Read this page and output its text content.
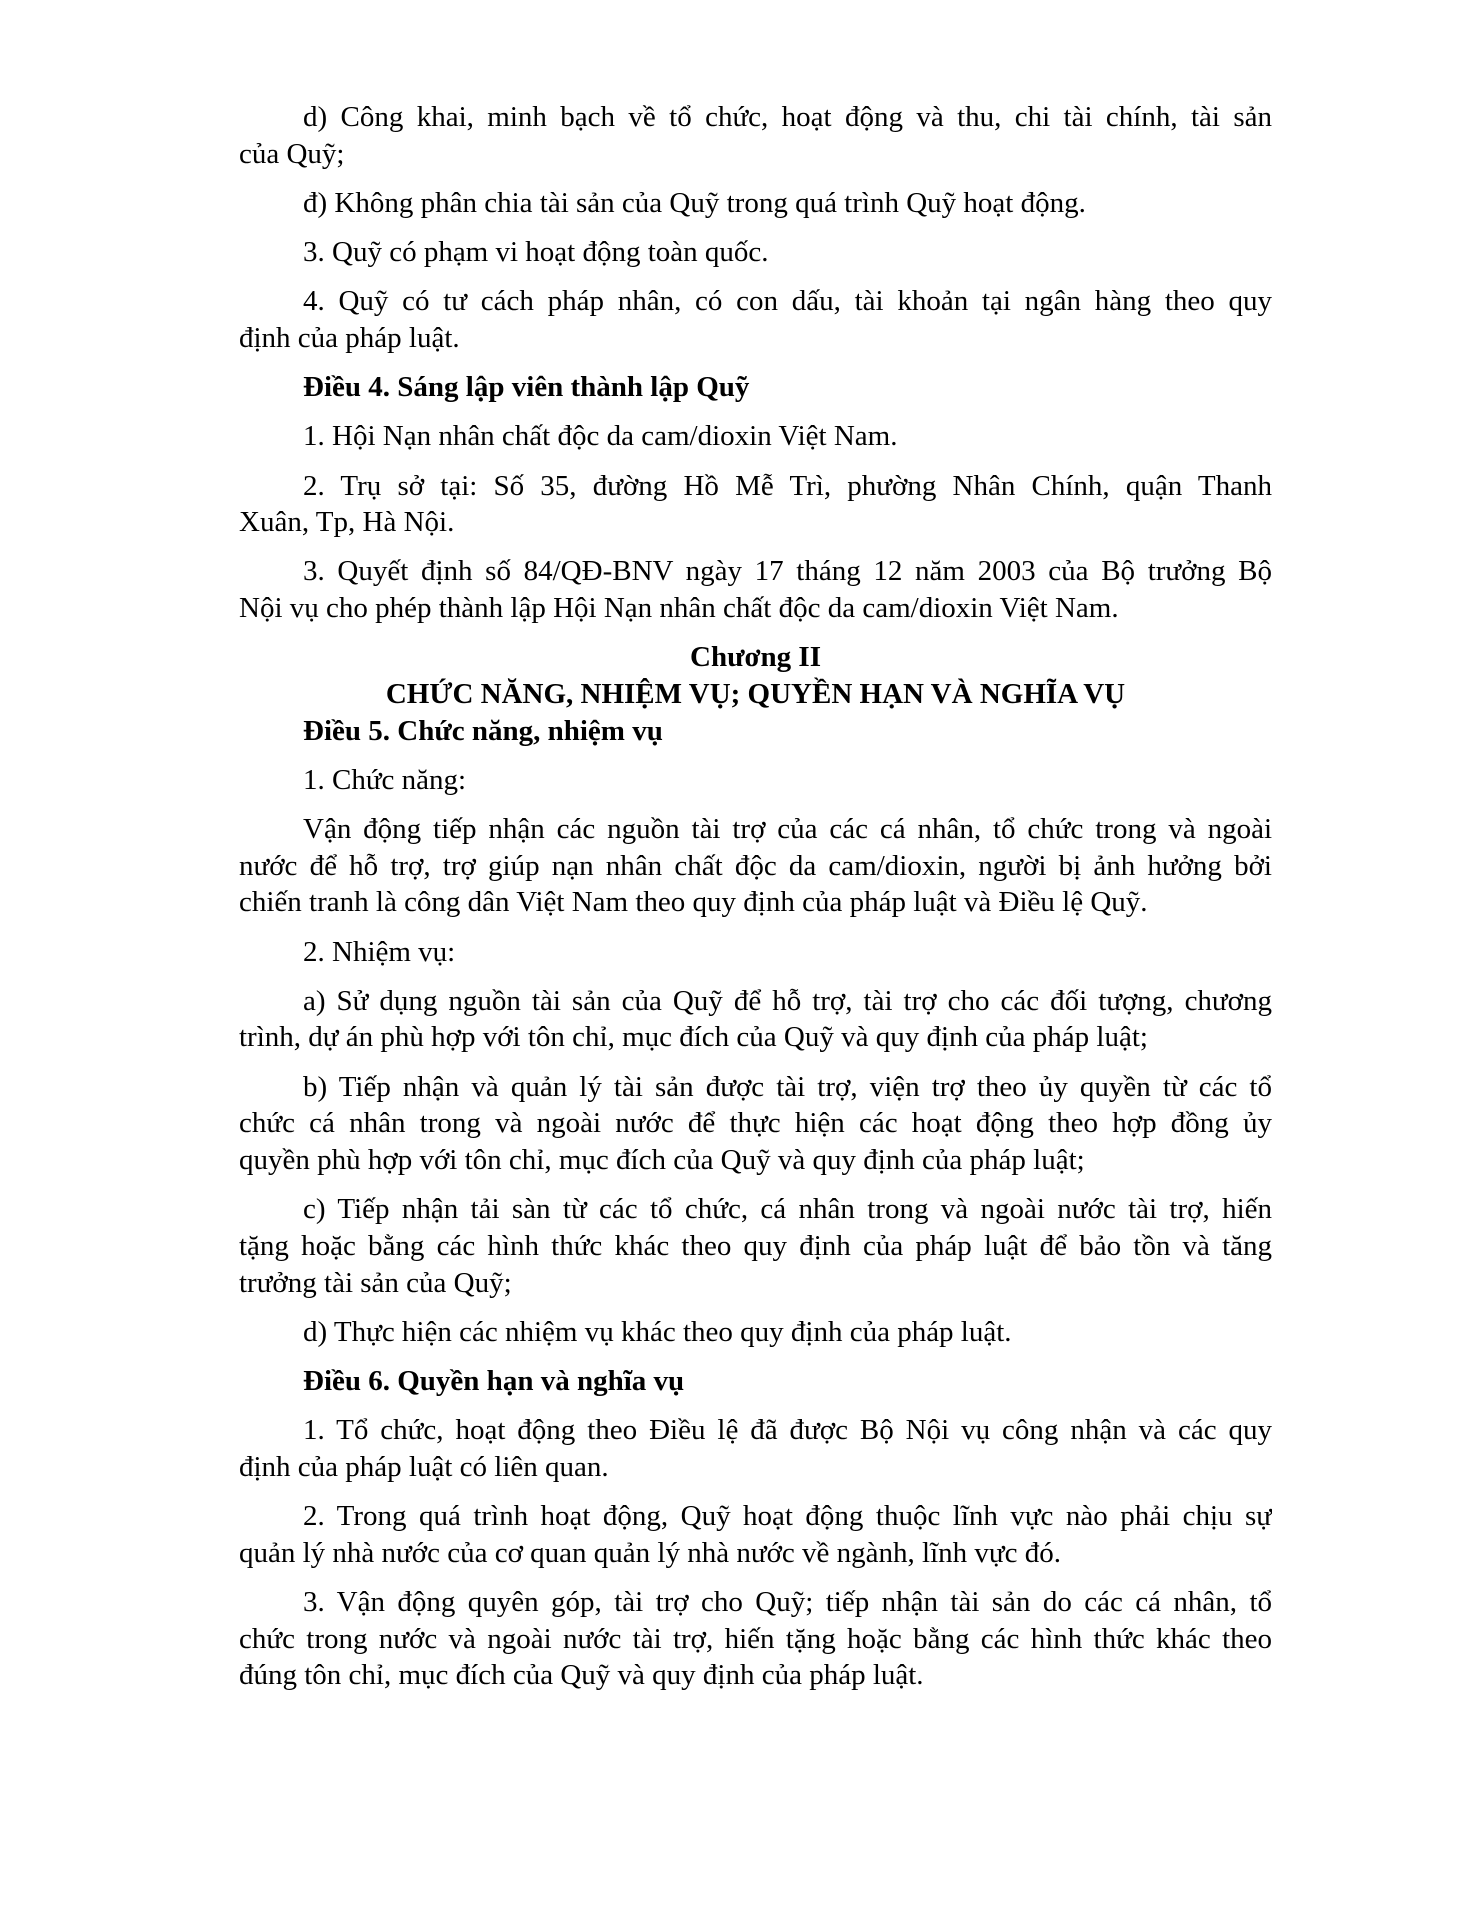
d) Công khai, minh bạch về tổ chức, hoạt động và thu, chi tài chính, tài sản
của Quỹ;
đ) Không phân chia tài sản của Quỹ trong quá trình Quỹ hoạt động.
3. Quỹ có phạm vi hoạt động toàn quốc.
4. Quỹ có tư cách pháp nhân, có con dấu, tài khoản tại ngân hàng theo quy
định của pháp luật.
Điều 4. Sáng lập viên thành lập Quỹ
1. Hội Nạn nhân chất độc da cam/dioxin Việt Nam.
2. Trụ sở tại: Số 35, đường Hồ Mễ Trì, phường Nhân Chính, quận Thanh
Xuân, Tp, Hà Nội.
3. Quyết định số 84/QĐ-BNV ngày 17 tháng 12 năm 2003 của Bộ trưởng Bộ
Nội vụ cho phép thành lập Hội Nạn nhân chất độc da cam/dioxin Việt Nam.
Chương II
CHỨC NĂNG, NHIỆM VỤ; QUYỀN HẠN VÀ NGHĨA VỤ
Điều 5. Chức năng, nhiệm vụ
1. Chức năng:
Vận động tiếp nhận các nguồn tài trợ của các cá nhân, tổ chức trong và ngoài
nước để hỗ trợ, trợ giúp nạn nhân chất độc da cam/dioxin, người bị ảnh hưởng bởi
chiến tranh là công dân Việt Nam theo quy định của pháp luật và Điều lệ Quỹ.
2. Nhiệm vụ:
a) Sử dụng nguồn tài sản của Quỹ để hỗ trợ, tài trợ cho các đối tượng, chương
trình, dự án phù hợp với tôn chỉ, mục đích của Quỹ và quy định của pháp luật;
b) Tiếp nhận và quản lý tài sản được tài trợ, viện trợ theo ủy quyền từ các tổ
chức cá nhân trong và ngoài nước để thực hiện các hoạt động theo hợp đồng ủy
quyền phù hợp với tôn chỉ, mục đích của Quỹ và quy định của pháp luật;
c) Tiếp nhận tải sàn từ các tổ chức, cá nhân trong và ngoài nước tài trợ, hiến
tặng hoặc bằng các hình thức khác theo quy định của pháp luật để bảo tồn và tăng
trưởng tài sản của Quỹ;
d) Thực hiện các nhiệm vụ khác theo quy định của pháp luật.
Điều 6. Quyền hạn và nghĩa vụ
1. Tổ chức, hoạt động theo Điều lệ đã được Bộ Nội vụ công nhận và các quy
định của pháp luật có liên quan.
2. Trong quá trình hoạt động, Quỹ hoạt động thuộc lĩnh vực nào phải chịu sự
quản lý nhà nước của cơ quan quản lý nhà nước về ngành, lĩnh vực đó.
3. Vận động quyên góp, tài trợ cho Quỹ; tiếp nhận tài sản do các cá nhân, tổ
chức trong nước và ngoài nước tài trợ, hiến tặng hoặc bằng các hình thức khác theo
đúng tôn chỉ, mục đích của Quỹ và quy định của pháp luật.
